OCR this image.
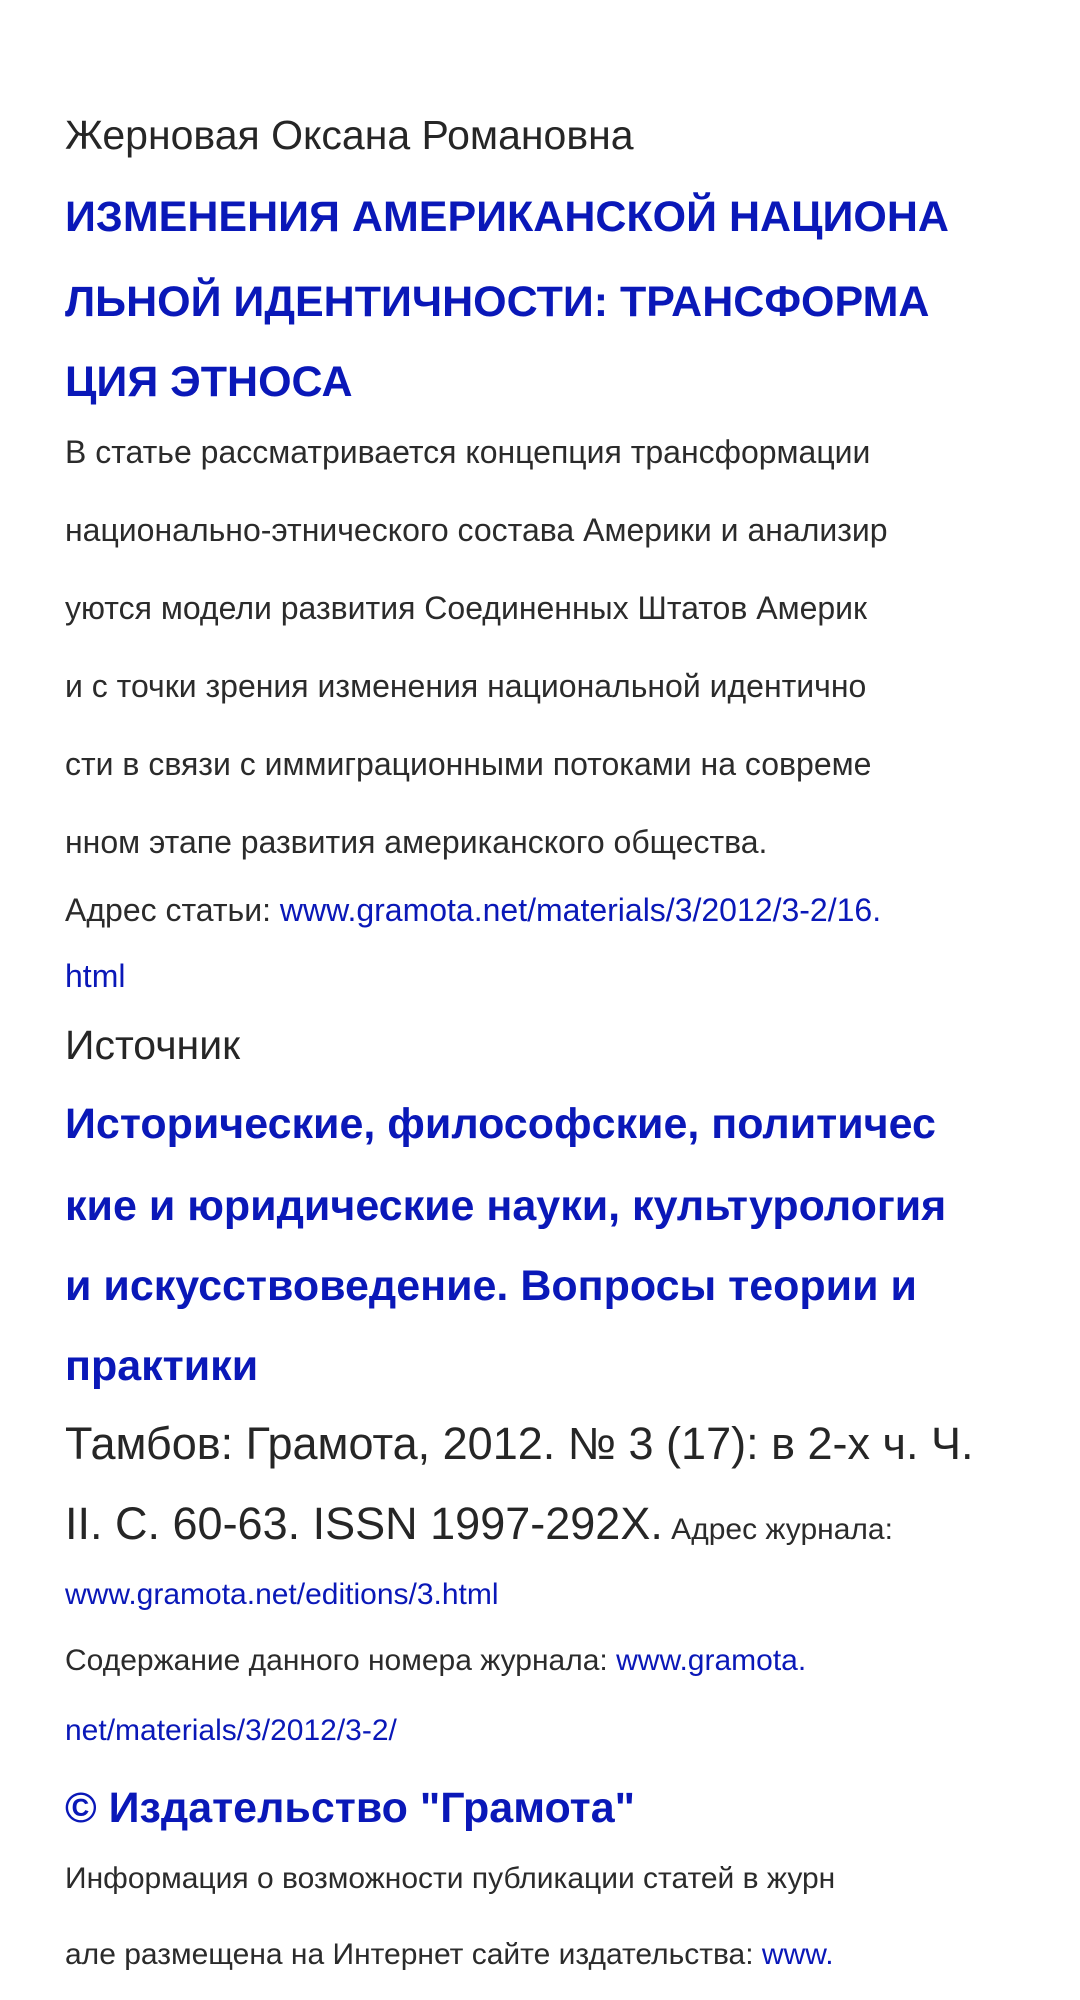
Жерновая Оксана Романовна
ИЗМЕНЕНИЯ АМЕРИКАНСКОЙ НАЦИОНА
ЛЬНОЙ ИДЕНТИЧНОСТИ: ТРАНСФОРМА
ЦИЯ ЭТНОСА
В статье рассматривается концепция трансформации
национально-этнического состава Америки и анализир
уются модели развития Соединенных Штатов Америк
и с точки зрения изменения национальной идентично
сти в связи с иммиграционными потоками на совреме
нном этапе развития американского общества.
Адрес статьи: www.gramota.net/materials/3/2012/3-2/16.
html
Источник
Исторические, философские, политичес
кие и юридические науки, культурология
и искусствоведение. Вопросы теории и
практики
Тамбов: Грамота, 2012. № 3 (17): в 2-х ч. Ч.
II. C. 60-63. ISSN 1997-292X. Адрес журнала:
www.gramota.net/editions/3.html
Содержание данного номера журнала: www.gramota.
net/materials/3/2012/3-2/
© Издательство "Грамота"
Информация о возможности публикации статей в журн
але размещена на Интернет сайте издательства: www.
